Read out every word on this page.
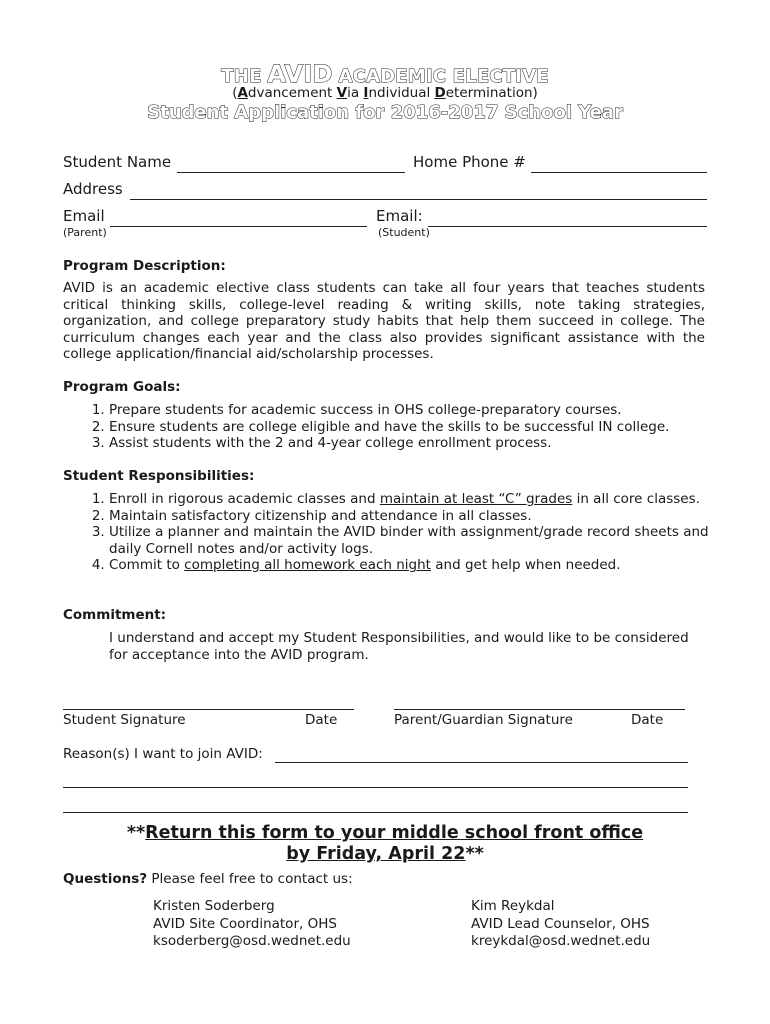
THE AVID ACADEMIC ELECTIVE
(Advancement Via Individual Determination)
Student Application for 2016-2017 School Year
Student Name	Home Phone #
Address
Email	Email:
(Parent)	(Student)
Program Description:
AVID is an academic elective class students can take all four years that teaches students critical thinking skills, college-level reading & writing skills, note taking strategies, organization, and college preparatory study habits that help them succeed in college. The curriculum changes each year and the class also provides significant assistance with the college application/financial aid/scholarship processes.
Program Goals:
1. Prepare students for academic success in OHS college-preparatory courses.
2. Ensure students are college eligible and have the skills to be successful IN college.
3. Assist students with the 2 and 4-year college enrollment process.
Student Responsibilities:
1. Enroll in rigorous academic classes and maintain at least “C” grades in all core classes.
2. Maintain satisfactory citizenship and attendance in all classes.
3. Utilize a planner and maintain the AVID binder with assignment/grade record sheets and daily Cornell notes and/or activity logs.
4. Commit to completing all homework each night and get help when needed.
Commitment:
I understand and accept my Student Responsibilities, and would like to be considered for acceptance into the AVID program.
Student Signature	Date	Parent/Guardian Signature	Date
Reason(s) I want to join AVID:
**Return this form to your middle school front office
by Friday, April 22**
Questions? Please feel free to contact us:
Kristen Soderberg
AVID Site Coordinator, OHS
ksoderberg@osd.wednet.edu
Kim Reykdal
AVID Lead Counselor, OHS
kreykdal@osd.wednet.edu
